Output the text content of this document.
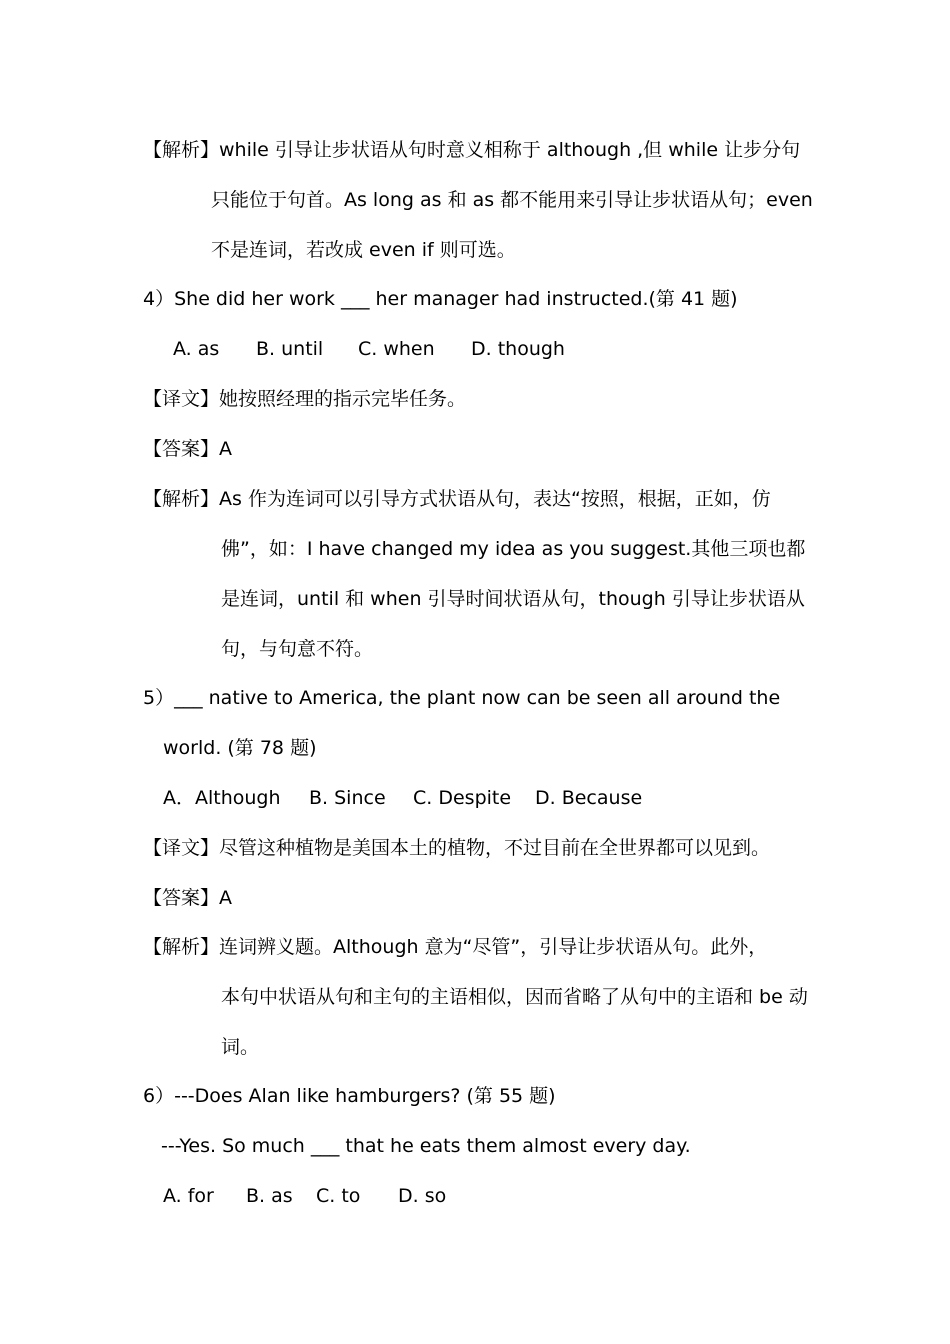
【解析】while 引导让步状语从句时意义相称于 although ,但 while 让步分句
只能位于句首。As long as 和 as 都不能用来引导让步状语从句；even
不是连词，若改成 even if 则可选。
4）She did her work ___ her manager had instructed.(第 41 题)
A. as B. until C. when D. though
【译文】她按照经理的指示完毕任务。
【答案】A
【解析】As 作为连词可以引导方式状语从句，表达“按照，根据，正如，仿
佛”，如：I have changed my idea as you suggest.其他三项也都
是连词，until 和 when 引导时间状语从句，though 引导让步状语从
句，与句意不符。
5）___ native to America, the plant now can be seen all around the
world. (第 78 题)
A．Although B. Since C. Despite D. Because
【译文】尽管这种植物是美国本土的植物，不过目前在全世界都可以见到。
【答案】A
【解析】连词辨义题。Although 意为“尽管”，引导让步状语从句。此外，
本句中状语从句和主句的主语相似，因而省略了从句中的主语和 be 动
词。
6）---Does Alan like hamburgers? (第 55 题)
---Yes. So much ___ that he eats them almost every day.
A. for B. as C. to D. so
